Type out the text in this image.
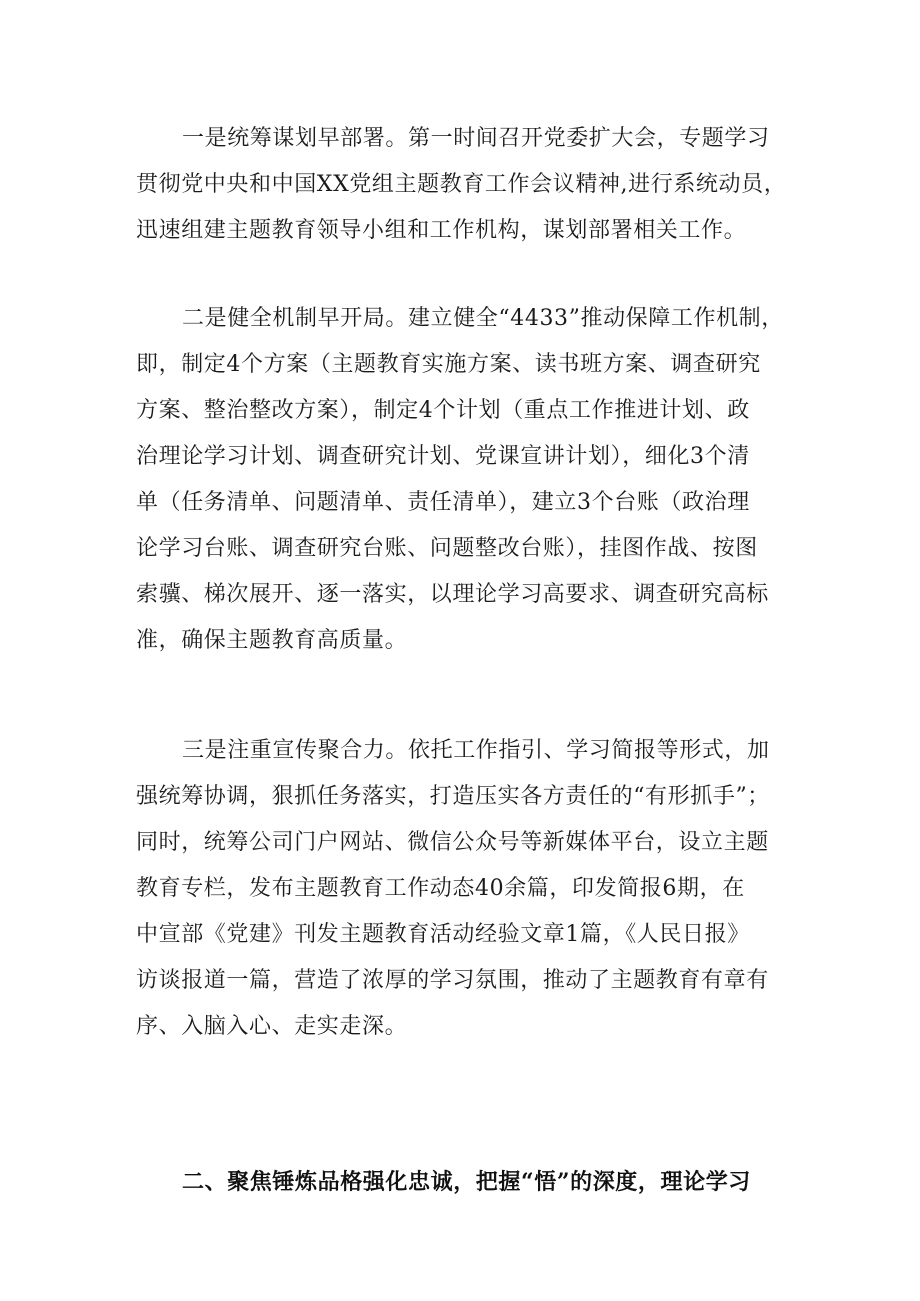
一是统筹谋划早部署。第一时间召开党委扩大会，专题学习
贯彻党中央和中国XX党组主题教育工作会议精神,进行系统动员，
迅速组建主题教育领导小组和工作机构，谋划部署相关工作。
二是健全机制早开局。建立健全“4433”推动保障工作机制，
即，制定4个方案（主题教育实施方案、读书班方案、调查研究
方案、整治整改方案），制定4个计划（重点工作推进计划、政
治理论学习计划、调查研究计划、党课宣讲计划），细化3个清
单（任务清单、问题清单、责任清单），建立3个台账（政治理
论学习台账、调查研究台账、问题整改台账），挂图作战、按图
索骥、梯次展开、逐一落实，以理论学习高要求、调查研究高标
准，确保主题教育高质量。
三是注重宣传聚合力。依托工作指引、学习简报等形式，加
强统筹协调，狠抓任务落实，打造压实各方责任的“有形抓手”；
同时，统筹公司门户网站、微信公众号等新媒体平台，设立主题
教育专栏，发布主题教育工作动态40余篇，印发简报6期，在
中宣部《党建》刊发主题教育活动经验文章1篇，《人民日报》
访谈报道一篇，营造了浓厚的学习氛围，推动了主题教育有章有
序、入脑入心、走实走深。
二、聚焦锤炼品格强化忠诚，把握“悟”的深度，理论学习
